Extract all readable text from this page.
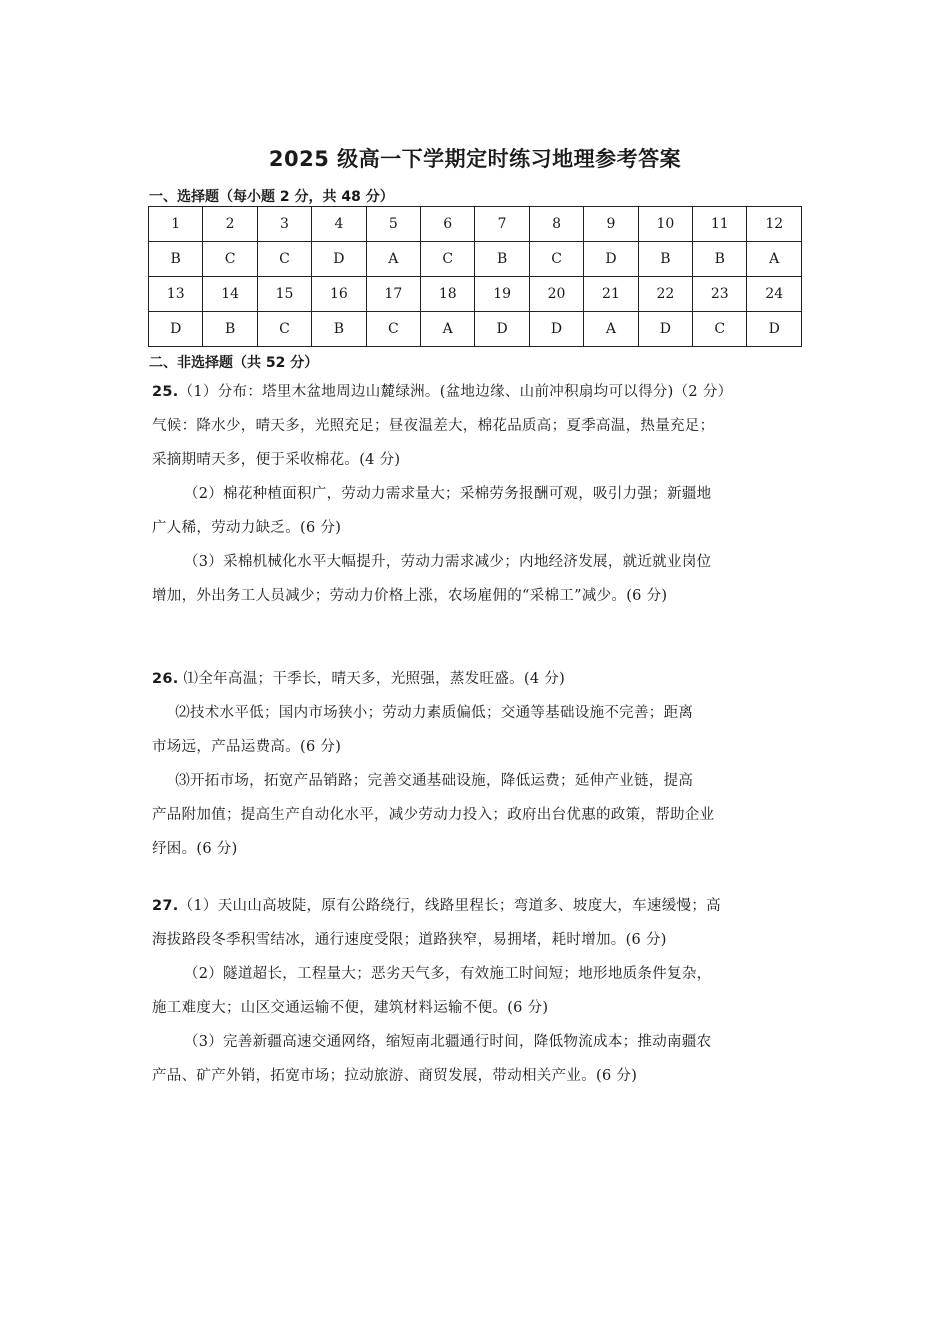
2025 级高一下学期定时练习地理参考答案
一、选择题（每小题 2 分，共 48 分）
1	2	3	4	5	6	7	8	9	10	11	12
B	C	C	D	A	C	B	C	D	B	B	A
13	14	15	16	17	18	19	20	21	22	23	24
D	B	C	B	C	A	D	D	A	D	C	D
二、非选择题（共 52 分）

25.（1）分布：塔里木盆地周边山麓绿洲。(盆地边缘、山前冲积扇均可以得分)（2 分）

气候：降水少，晴天多，光照充足；昼夜温差大，棉花品质高；夏季高温，热量充足；

采摘期晴天多，便于采收棉花。(4 分)

（2）棉花种植面积广，劳动力需求量大；采棉劳务报酬可观，吸引力强；新疆地

广人稀，劳动力缺乏。(6 分)

（3）采棉机械化水平大幅提升，劳动力需求减少；内地经济发展，就近就业岗位

增加，外出务工人员减少；劳动力价格上涨，农场雇佣的“采棉工”减少。(6 分)

26. ⑴全年高温；干季长，晴天多，光照强，蒸发旺盛。(4 分)

⑵技术水平低；国内市场狭小；劳动力素质偏低；交通等基础设施不完善；距离

市场远，产品运费高。(6 分)

⑶开拓市场，拓宽产品销路；完善交通基础设施，降低运费；延伸产业链，提高

产品附加值；提高生产自动化水平，减少劳动力投入；政府出台优惠的政策，帮助企业

纾困。(6 分)

27.（1）天山山高坡陡，原有公路绕行，线路里程长；弯道多、坡度大，车速缓慢；高

海拔路段冬季积雪结冰，通行速度受限；道路狭窄，易拥堵，耗时增加。(6 分)

（2）隧道超长，工程量大；恶劣天气多，有效施工时间短；地形地质条件复杂，

施工难度大；山区交通运输不便，建筑材料运输不便。(6 分)

（3）完善新疆高速交通网络，缩短南北疆通行时间，降低物流成本；推动南疆农

产品、矿产外销，拓宽市场；拉动旅游、商贸发展，带动相关产业。(6 分)
